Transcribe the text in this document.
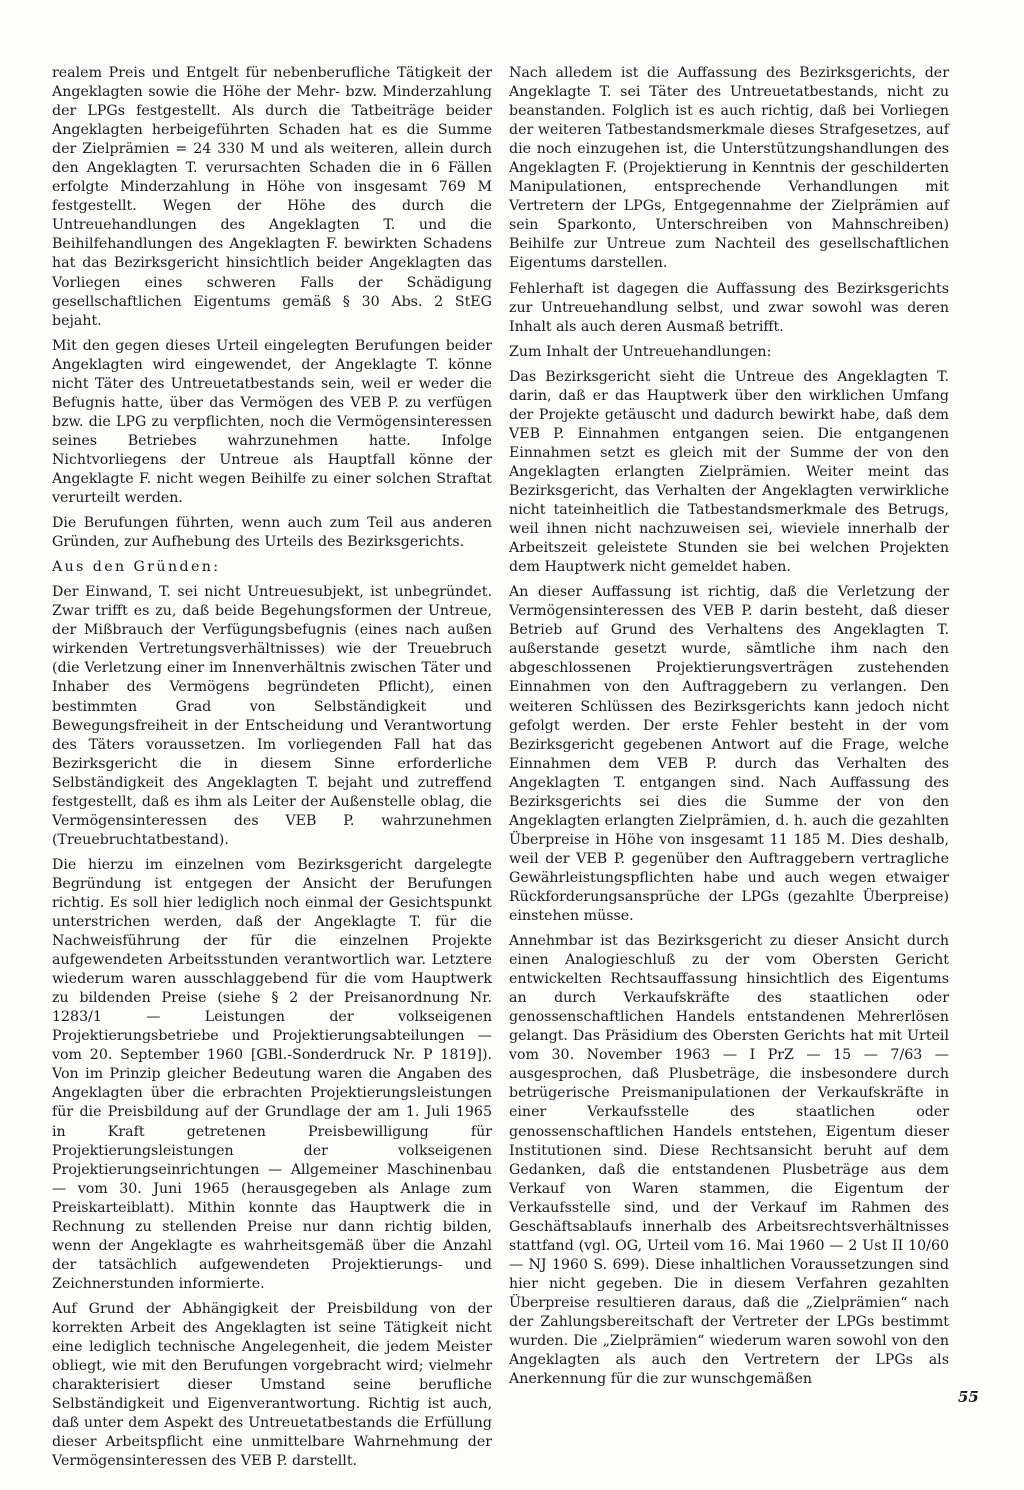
realem Preis und Entgelt für nebenberufliche Tätigkeit der Angeklagten sowie die Höhe der Mehr- bzw. Minderzahlung der LPGs festgestellt. Als durch die Tatbeiträge beider Angeklagten herbeigeführten Schaden hat es die Summe der Zielprämien = 24 330 M und als weiteren, allein durch den Angeklagten T. verursachten Schaden die in 6 Fällen erfolgte Minderzahlung in Höhe von insgesamt 769 M festgestellt. Wegen der Höhe des durch die Untreuehandlungen des Angeklagten T. und die Beihilfehandlungen des Angeklagten F. bewirkten Schadens hat das Bezirksgericht hinsichtlich beider Angeklagten das Vorliegen eines schweren Falls der Schädigung gesellschaftlichen Eigentums gemäß § 30 Abs. 2 StEG bejaht.

Mit den gegen dieses Urteil eingelegten Berufungen beider Angeklagten wird eingewendet, der Angeklagte T. könne nicht Täter des Untreuetatbestands sein, weil er weder die Befugnis hatte, über das Vermögen des VEB P. zu verfügen bzw. die LPG zu verpflichten, noch die Vermögensinteressen seines Betriebes wahrzunehmen hatte. Infolge Nichtvorliegens der Untreue als Hauptfall könne der Angeklagte F. nicht wegen Beihilfe zu einer solchen Straftat verurteilt werden.

Die Berufungen führten, wenn auch zum Teil aus anderen Gründen, zur Aufhebung des Urteils des Bezirksgerichts.

Aus den Gründen:

Der Einwand, T. sei nicht Untreuesubjekt, ist unbegründet. Zwar trifft es zu, daß beide Begehungsformen der Untreue, der Mißbrauch der Verfügungsbefugnis (eines nach außen wirkenden Vertretungsverhältnisses) wie der Treuebruch (die Verletzung einer im Innenverhältnis zwischen Täter und Inhaber des Vermögens begründeten Pflicht), einen bestimmten Grad von Selbständigkeit und Bewegungsfreiheit in der Entscheidung und Verantwortung des Täters voraussetzen. Im vorliegenden Fall hat das Bezirksgericht die in diesem Sinne erforderliche Selbständigkeit des Angeklagten T. bejaht und zutreffend festgestellt, daß es ihm als Leiter der Außenstelle oblag, die Vermögensinteressen des VEB P. wahrzunehmen (Treuebruchtatbestand).

Die hierzu im einzelnen vom Bezirksgericht dargelegte Begründung ist entgegen der Ansicht der Berufungen richtig. Es soll hier lediglich noch einmal der Gesichtspunkt unterstrichen werden, daß der Angeklagte T. für die Nachweisführung der für die einzelnen Projekte aufgewendeten Arbeitsstunden verantwortlich war. Letztere wiederum waren ausschlaggebend für die vom Hauptwerk zu bildenden Preise (siehe § 2 der Preisanordnung Nr. 1283/1 — Leistungen der volkseigenen Projektierungsbetriebe und Projektierungsabteilungen — vom 20. September 1960 [GBl.-Sonderdruck Nr. P 1819]). Von im Prinzip gleicher Bedeutung waren die Angaben des Angeklagten über die erbrachten Projektierungsleistungen für die Preisbildung auf der Grundlage der am 1. Juli 1965 in Kraft getretenen Preisbewilligung für Projektierungsleistungen der volkseigenen Projektierungseinrichtungen — Allgemeiner Maschinenbau — vom 30. Juni 1965 (herausgegeben als Anlage zum Preiskarteiblatt). Mithin konnte das Hauptwerk die in Rechnung zu stellenden Preise nur dann richtig bilden, wenn der Angeklagte es wahrheitsgemäß über die Anzahl der tatsächlich aufgewendeten Projektierungs- und Zeichnerstunden informierte.

Auf Grund der Abhängigkeit der Preisbildung von der korrekten Arbeit des Angeklagten ist seine Tätigkeit nicht eine lediglich technische Angelegenheit, die jedem Meister obliegt, wie mit den Berufungen vorgebracht wird; vielmehr charakterisiert dieser Umstand seine berufliche Selbständigkeit und Eigenverantwortung. Richtig ist auch, daß unter dem Aspekt des Untreuetatbestands die Erfüllung dieser Arbeitspflicht eine unmittelbare Wahrnehmung der Vermögensinteressen des VEB P. darstellt.

Nach alledem ist die Auffassung des Bezirksgerichts, der Angeklagte T. sei Täter des Untreuetatbestands, nicht zu beanstanden. Folglich ist es auch richtig, daß bei Vorliegen der weiteren Tatbestandsmerkmale dieses Strafgesetzes, auf die noch einzugehen ist, die Unterstützungshandlungen des Angeklagten F. (Projektierung in Kenntnis der geschilderten Manipulationen, entsprechende Verhandlungen mit Vertretern der LPGs, Entgegennahme der Zielprämien auf sein Sparkonto, Unterschreiben von Mahnschreiben) Beihilfe zur Untreue zum Nachteil des gesellschaftlichen Eigentums darstellen.

Fehlerhaft ist dagegen die Auffassung des Bezirksgerichts zur Untreuehandlung selbst, und zwar sowohl was deren Inhalt als auch deren Ausmaß betrifft.

Zum Inhalt der Untreuehandlungen:

Das Bezirksgericht sieht die Untreue des Angeklagten T. darin, daß er das Hauptwerk über den wirklichen Umfang der Projekte getäuscht und dadurch bewirkt habe, daß dem VEB P. Einnahmen entgangen seien. Die entgangenen Einnahmen setzt es gleich mit der Summe der von den Angeklagten erlangten Zielprämien. Weiter meint das Bezirksgericht, das Verhalten der Angeklagten verwirkliche nicht tateinheitlich die Tatbestandsmerkmale des Betrugs, weil ihnen nicht nachzuweisen sei, wieviele innerhalb der Arbeitszeit geleistete Stunden sie bei welchen Projekten dem Hauptwerk nicht gemeldet haben.

An dieser Auffassung ist richtig, daß die Verletzung der Vermögensinteressen des VEB P. darin besteht, daß dieser Betrieb auf Grund des Verhaltens des Angeklagten T. außerstande gesetzt wurde, sämtliche ihm nach den abgeschlossenen Projektierungsverträgen zustehenden Einnahmen von den Auftraggebern zu verlangen. Den weiteren Schlüssen des Bezirksgerichts kann jedoch nicht gefolgt werden. Der erste Fehler besteht in der vom Bezirksgericht gegebenen Antwort auf die Frage, welche Einnahmen dem VEB P. durch das Verhalten des Angeklagten T. entgangen sind. Nach Auffassung des Bezirksgerichts sei dies die Summe der von den Angeklagten erlangten Zielprämien, d. h. auch die gezahlten Überpreise in Höhe von insgesamt 11 185 M. Dies deshalb, weil der VEB P. gegenüber den Auftraggebern vertragliche Gewährleistungspflichten habe und auch wegen etwaiger Rückforderungsansprüche der LPGs (gezahlte Überpreise) einstehen müsse.

Annehmbar ist das Bezirksgericht zu dieser Ansicht durch einen Analogieschluß zu der vom Obersten Gericht entwickelten Rechtsauffassung hinsichtlich des Eigentums an durch Verkaufskräfte des staatlichen oder genossenschaftlichen Handels entstandenen Mehrerlösen gelangt. Das Präsidium des Obersten Gerichts hat mit Urteil vom 30. November 1963 — I PrZ — 15 — 7/63 — ausgesprochen, daß Plusbeträge, die insbesondere durch betrügerische Preismanipulationen der Verkaufskräfte in einer Verkaufsstelle des staatlichen oder genossenschaftlichen Handels entstehen, Eigentum dieser Institutionen sind. Diese Rechtsansicht beruht auf dem Gedanken, daß die entstandenen Plusbeträge aus dem Verkauf von Waren stammen, die Eigentum der Verkaufsstelle sind, und der Verkauf im Rahmen des Geschäftsablaufs innerhalb des Arbeitsrechtsverhältnisses stattfand (vgl. OG, Urteil vom 16. Mai 1960 — 2 Ust II 10/60 — NJ 1960 S. 699). Diese inhaltlichen Voraussetzungen sind hier nicht gegeben. Die in diesem Verfahren gezahlten Überpreise resultieren daraus, daß die „Zielprämien“ nach der Zahlungsbereitschaft der Vertreter der LPGs bestimmt wurden. Die „Zielprämien“ wiederum waren sowohl von den Angeklagten als auch den Vertretern der LPGs als Anerkennung für die zur wunschgemäßen

55
